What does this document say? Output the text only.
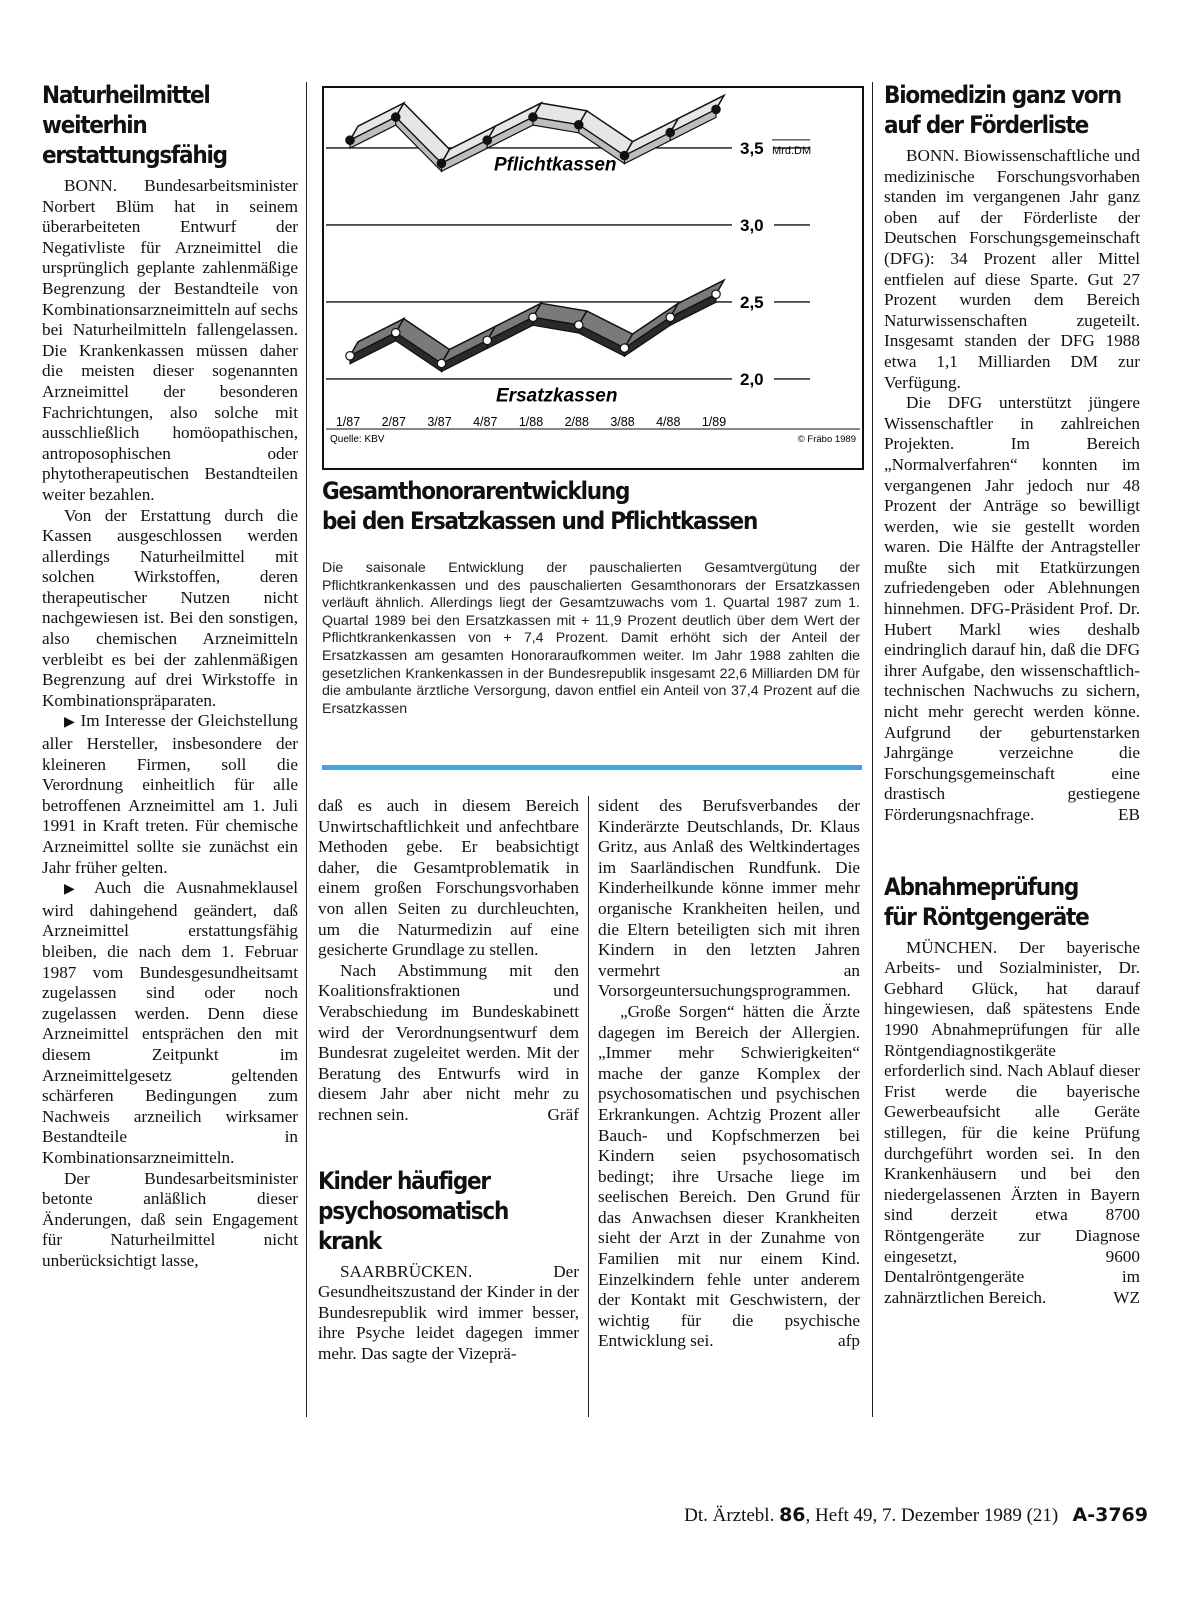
Naturheilmittel
weiterhin
erstattungsfähig

BONN. Bundesarbeitsminister Norbert Blüm hat in seinem überarbeiteten Entwurf der Negativliste für Arzneimittel die ursprünglich geplante zahlenmäßige Begrenzung der Bestandteile von Kombinationsarzneimitteln auf sechs bei Naturheilmitteln fallengelassen. Die Krankenkassen müssen daher die meisten dieser sogenannten Arzneimittel der besonderen Fachrichtungen, also solche mit ausschließlich homöopathischen, antroposophischen oder phytotherapeutischen Bestandteilen weiter bezahlen.

Von der Erstattung durch die Kassen ausgeschlossen werden allerdings Naturheilmittel mit solchen Wirkstoffen, deren therapeutischer Nutzen nicht nachgewiesen ist. Bei den sonstigen, also chemischen Arzneimitteln verbleibt es bei der zahlenmäßigen Begrenzung auf drei Wirkstoffe in Kombinationspräparaten.

▶ Im Interesse der Gleichstellung aller Hersteller, insbesondere der kleineren Firmen, soll die Verordnung einheitlich für alle betroffenen Arzneimittel am 1. Juli 1991 in Kraft treten. Für chemische Arzneimittel sollte sie zunächst ein Jahr früher gelten.

▶ Auch die Ausnahmeklausel wird dahingehend geändert, daß Arzneimittel erstattungsfähig bleiben, die nach dem 1. Februar 1987 vom Bundesgesundheitsamt zugelassen sind oder noch zugelassen werden. Denn diese Arzneimittel entsprächen den mit diesem Zeitpunkt im Arzneimittelgesetz geltenden schärferen Bedingungen zum Nachweis arzneilich wirksamer Bestandteile in Kombinationsarzneimitteln.

Der Bundesarbeitsminister betonte anläßlich dieser Änderungen, daß sein Engagement für Naturheilmittel nicht unberücksichtigt lasse,

3,5
3,0
2,5
2,0
Mrd.DM
Pflichtkassen
Ersatzkassen
1/87 2/87 3/87 4/87 1/88 2/88 3/88 4/88 1/89
Quelle: KBV	© Fräbo 1989
Gesamthonorarentwicklung
bei den Ersatzkassen und Pflichtkassen
Die saisonale Entwicklung der pauschalierten Gesamtvergütung der Pflichtkrankenkassen und des pauschalierten Gesamthonorars der Ersatzkassen verläuft ähnlich. Allerdings liegt der Gesamtzuwachs vom 1. Quartal 1987 zum 1. Quartal 1989 bei den Ersatzkassen mit + 11,9 Prozent deutlich über dem Wert der Pflichtkrankenkassen von + 7,4 Prozent. Damit erhöht sich der Anteil der Ersatzkassen am gesamten Honoraraufkommen weiter. Im Jahr 1988 zahlten die gesetzlichen Krankenkassen in der Bundesrepublik insgesamt 22,6 Milliarden DM für die ambulante ärztliche Versorgung, davon entfiel ein Anteil von 37,4 Prozent auf die Ersatzkassen

daß es auch in diesem Bereich Unwirtschaftlichkeit und anfechtbare Methoden gebe. Er beabsichtigt daher, die Gesamtproblematik in einem großen Forschungsvorhaben von allen Seiten zu durchleuchten, um die Naturmedizin auf eine gesicherte Grundlage zu stellen.

Nach Abstimmung mit den Koalitionsfraktionen und Verabschiedung im Bundeskabinett wird der Verordnungsentwurf dem Bundesrat zugeleitet werden. Mit der Beratung des Entwurfs wird in diesem Jahr aber nicht mehr zu rechnen sein.	Gräf

Kinder häufiger
psychosomatisch
krank

SAARBRÜCKEN. Der Gesundheitszustand der Kinder in der Bundesrepublik wird immer besser, ihre Psyche leidet dagegen immer mehr. Das sagte der Vizeprä-

sident des Berufsverbandes der Kinderärzte Deutschlands, Dr. Klaus Gritz, aus Anlaß des Weltkindertages im Saarländischen Rundfunk. Die Kinderheilkunde könne immer mehr organische Krankheiten heilen, und die Eltern beteiligten sich mit ihren Kindern in den letzten Jahren vermehrt an Vorsorgeuntersuchungsprogrammen.

„Große Sorgen“ hätten die Ärzte dagegen im Bereich der Allergien. „Immer mehr Schwierigkeiten“ mache der ganze Komplex der psychosomatischen und psychischen Erkrankungen. Achtzig Prozent aller Bauch- und Kopfschmerzen bei Kindern seien psychosomatisch bedingt; ihre Ursache liege im seelischen Bereich. Den Grund für das Anwachsen dieser Krankheiten sieht der Arzt in der Zunahme von Familien mit nur einem Kind. Einzelkindern fehle unter anderem der Kontakt mit Geschwistern, der wichtig für die psychische Entwicklung sei.	afp

Biomedizin ganz vorn
auf der Förderliste

BONN. Biowissenschaftliche und medizinische Forschungsvorhaben standen im vergangenen Jahr ganz oben auf der Förderliste der Deutschen Forschungsgemeinschaft (DFG): 34 Prozent aller Mittel entfielen auf diese Sparte. Gut 27 Prozent wurden dem Bereich Naturwissenschaften zugeteilt. Insgesamt standen der DFG 1988 etwa 1,1 Milliarden DM zur Verfügung.

Die DFG unterstützt jüngere Wissenschaftler in zahlreichen Projekten. Im Bereich „Normalverfahren“ konnten im vergangenen Jahr jedoch nur 48 Prozent der Anträge so bewilligt werden, wie sie gestellt worden waren. Die Hälfte der Antragsteller mußte sich mit Etatkürzungen zufriedengeben oder Ablehnungen hinnehmen. DFG-Präsident Prof. Dr. Hubert Markl wies deshalb eindringlich darauf hin, daß die DFG ihrer Aufgabe, den wissenschaftlich-technischen Nachwuchs zu sichern, nicht mehr gerecht werden könne. Aufgrund der geburtenstarken Jahrgänge verzeichne die Forschungsgemeinschaft eine drastisch gestiegene Förderungsnachfrage.	EB

Abnahmeprüfung
für Röntgengeräte

MÜNCHEN. Der bayerische Arbeits- und Sozialminister, Dr. Gebhard Glück, hat darauf hingewiesen, daß spätestens Ende 1990 Abnahmeprüfungen für alle Röntgendiagnostikgeräte erforderlich sind. Nach Ablauf dieser Frist werde die bayerische Gewerbeaufsicht alle Geräte stillegen, für die keine Prüfung durchgeführt worden sei. In den Krankenhäusern und bei den niedergelassenen Ärzten in Bayern sind derzeit etwa 8700 Röntgengeräte zur Diagnose eingesetzt, 9600 Dentalröntgengeräte im zahnärztlichen Bereich.	WZ

Dt. Ärztebl. 86, Heft 49, 7. Dezember 1989 (21) A-3769
